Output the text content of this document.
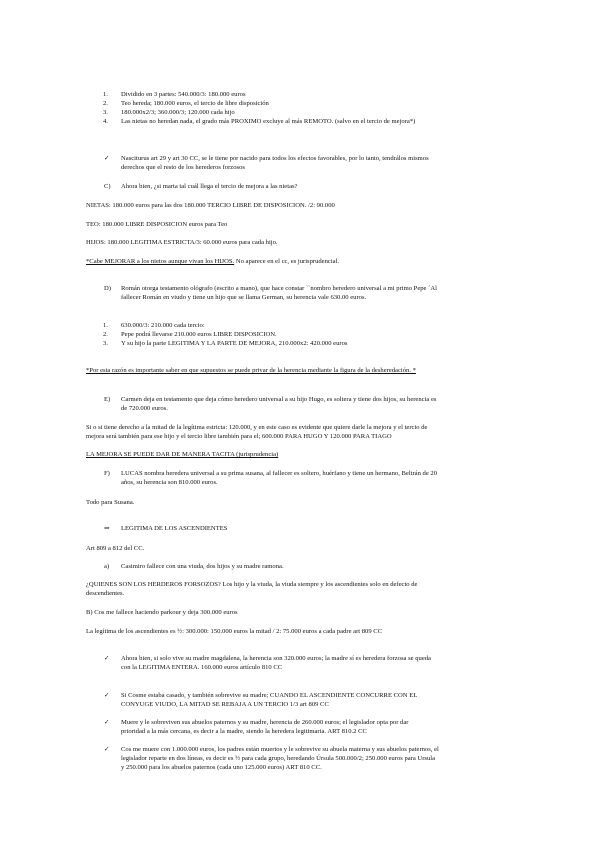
1. Dividido en 3 partes: 540.000/3: 180.000 euros
2. Teo hereda; 180.000 euros, el tercio de libre disposición
3. 180.000x2/3; 360.000/3; 120.000 cada hijo
4. Las nietas no heredan nada, el grado más PROXIMO excluye al más REMOTO. (salvo en el tercio de mejora*)
✓ Nasciturus art 29 y art 30 CC, se le tiene por nacido para todos los efectos favorables, por lo tanto, tendrálos mismos
derechos que el resto de los herederos forzosos
C) Ahora bien, ¿si marta tal cuál llega el tercio de mejora a las nietas?
NIETAS: 180.000 euros para las dos 180.000 TERCIO LIBRE DE DISPOSICION. /2: 90.000
TEO: 180.000 LIBRE DISPOSICION euros para Teo
HIJOS: 180.000 LEGITIMA ESTRICTA/3: 60.000 euros para cada hijo.
*Cabe MEJORAR a los nietos aunque vivan los HIJOS. No aparece en el cc, es jurisprudencial.
D) Román otorga testamento ológrafo (escrito a mano), que hace constar ``nombro heredero universal a mi primo Pepe ´Al
fallecer Román en viudo y tiene un hijo que se llama German, su herencia vale 630.00 euros.
1. 630.000/3: 210.000 cada tercio:
2. Pepe podrá llevarse 210.000 euros LIBRE DISPOSICION.
3. Y su hijo la parte LEGITIMA Y LA PARTE DE MEJORA, 210.000x2: 420.000 euros
*Por esta razón es importante saber en que supuestos se puede privar de la herencia mediante la figura de la desheredación. *
E) Carmen deja en testamento que deja cómo heredero universal a su hijo Hugo, es soltera y tiene dos hijos, su herencia es
de 720.000 euros.
Si o si tiene derecho a la mitad de la legítima estricta: 120.000, y en este caso es evidente que quiere darle la mejora y el tercio de
mejora será también para ese hijo y el tercio libre también para el; 600.000 PARA HUGO Y 120.000 PARA TIAGO
LA MEJORA SE PUEDE DAR DE MANERA TACITA (jurisprudencia)
F) LUCAS nombra heredera universal a su prima susana, al fallecer es soltero, huérfano y tiene un hermano, Beltrán de 20
años, su herencia son 810.000 euros.
Todo para Susana.
⇒ LEGITIMA DE LOS ASCENDIENTES
Art 809 a 812 del CC.
a) Casimiro fallece con una viuda, dos hijos y su madre ramona.
¿QUIENES SON LOS HERDEROS FORSOZOS? Los hijo y la viuda, la viuda siempre y los ascendientes solo en defecto de
descendientes.
B) Cos me fallece haciendo parkour y deja 300.000 euros
La legítima de los ascendientes es ½: 300.000: 150.000 euros la mitad / 2: 75.000 euros a cada padre art 809 CC
✓ Ahora bien, si solo vive su madre magdalena, la herencia son 320.000 euros; la madre sí es heredera forzosa se queda
con la LEGITIMA ENTERA. 160.000 euros artículo 810 CC
✓ Si Cosme estaba casado, y también sobrevive su madre; CUANDO EL ASCENDIENTE CONCURRE CON EL
CONYUGE VIUDO, LA MITAD SE REBAJA A UN TERCIO 1/3 art 809 CC
✓ Muere y le sobreviven sus abuelos paternos y su madre, herencia de 260.000 euros; el legislador opta por dar
prioridad a la más cercana, es decir a la madre, siendo la heredera legitimaria. ART 810.2 CC
✓ Cos me muere con 1.000.000 euros, los padres están muertos y le sobrevive su abuela materna y sus abuelos paternos, el
legislador reparte en dos líneas, es decir es ½ para cada grupo, heredando Úrsula 500.000/2; 250.000 euros para Ursula
y 250.000 para los abuelos paternos (cada uno 125.000 euros) ART 810 CC.
